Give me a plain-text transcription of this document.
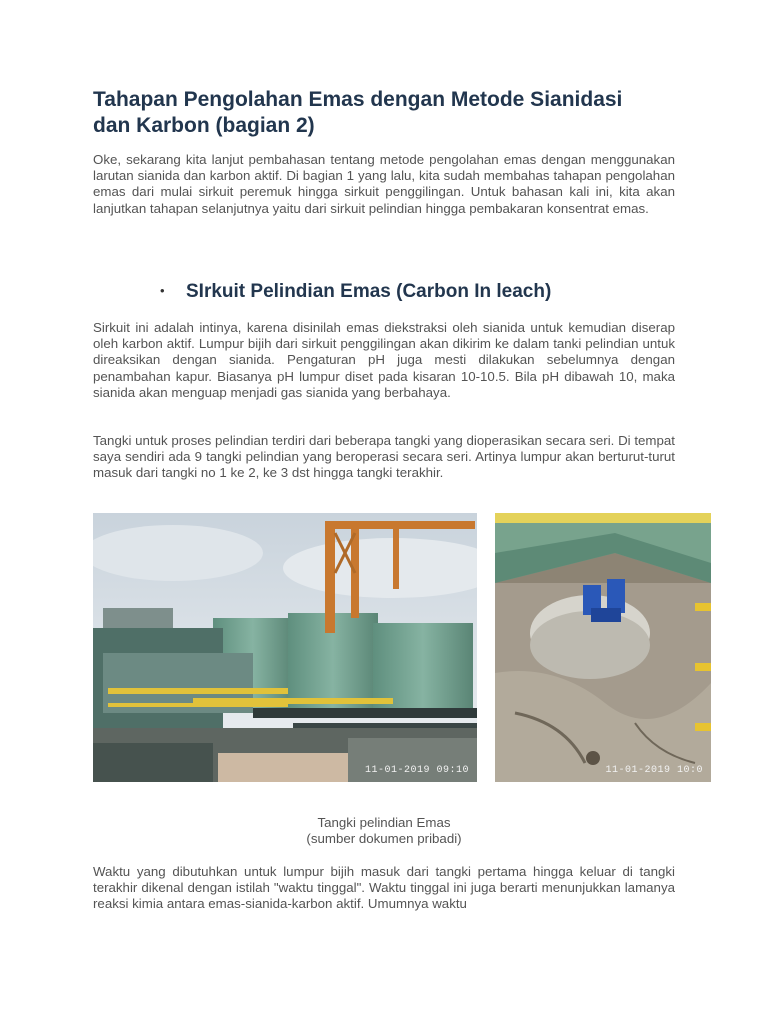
Tahapan Pengolahan Emas dengan Metode Sianidasi dan Karbon (bagian 2)

Oke, sekarang kita lanjut pembahasan tentang metode pengolahan emas dengan menggunakan larutan sianida dan karbon aktif. Di bagian 1 yang lalu, kita sudah membahas tahapan pengolahan emas dari mulai sirkuit peremuk hingga sirkuit penggilingan. Untuk bahasan kali ini, kita akan lanjutkan tahapan selanjutnya yaitu dari sirkuit pelindian hingga pembakaran konsentrat emas.

• SIrkuit Pelindian Emas (Carbon In leach)

Sirkuit ini adalah intinya, karena disinilah emas diekstraksi oleh sianida untuk kemudian diserap oleh karbon aktif. Lumpur bijih dari sirkuit penggilingan akan dikirim ke dalam tanki pelindian untuk direaksikan dengan sianida. Pengaturan pH juga mesti dilakukan sebelumnya dengan penambahan kapur. Biasanya pH lumpur diset pada kisaran 10-10.5. Bila pH dibawah 10, maka sianida akan menguap menjadi gas sianida yang berbahaya.

Tangki untuk proses pelindian terdiri dari beberapa tangki yang dioperasikan secara seri. Di tempat saya sendiri ada 9 tangki pelindian yang beroperasi secara seri. Artinya lumpur akan berturut-turut masuk dari tangki no 1 ke 2, ke 3 dst hingga tangki terakhir.

11-01-2019 09:10	11-01-2019 10:0
Tangki pelindian Emas
(sumber dokumen pribadi)

Waktu yang dibutuhkan untuk lumpur bijih masuk dari tangki pertama hingga keluar di tangki terakhir dikenal dengan istilah "waktu tinggal". Waktu tinggal ini juga berarti menunjukkan lamanya reaksi kimia antara emas-sianida-karbon aktif. Umumnya waktu
